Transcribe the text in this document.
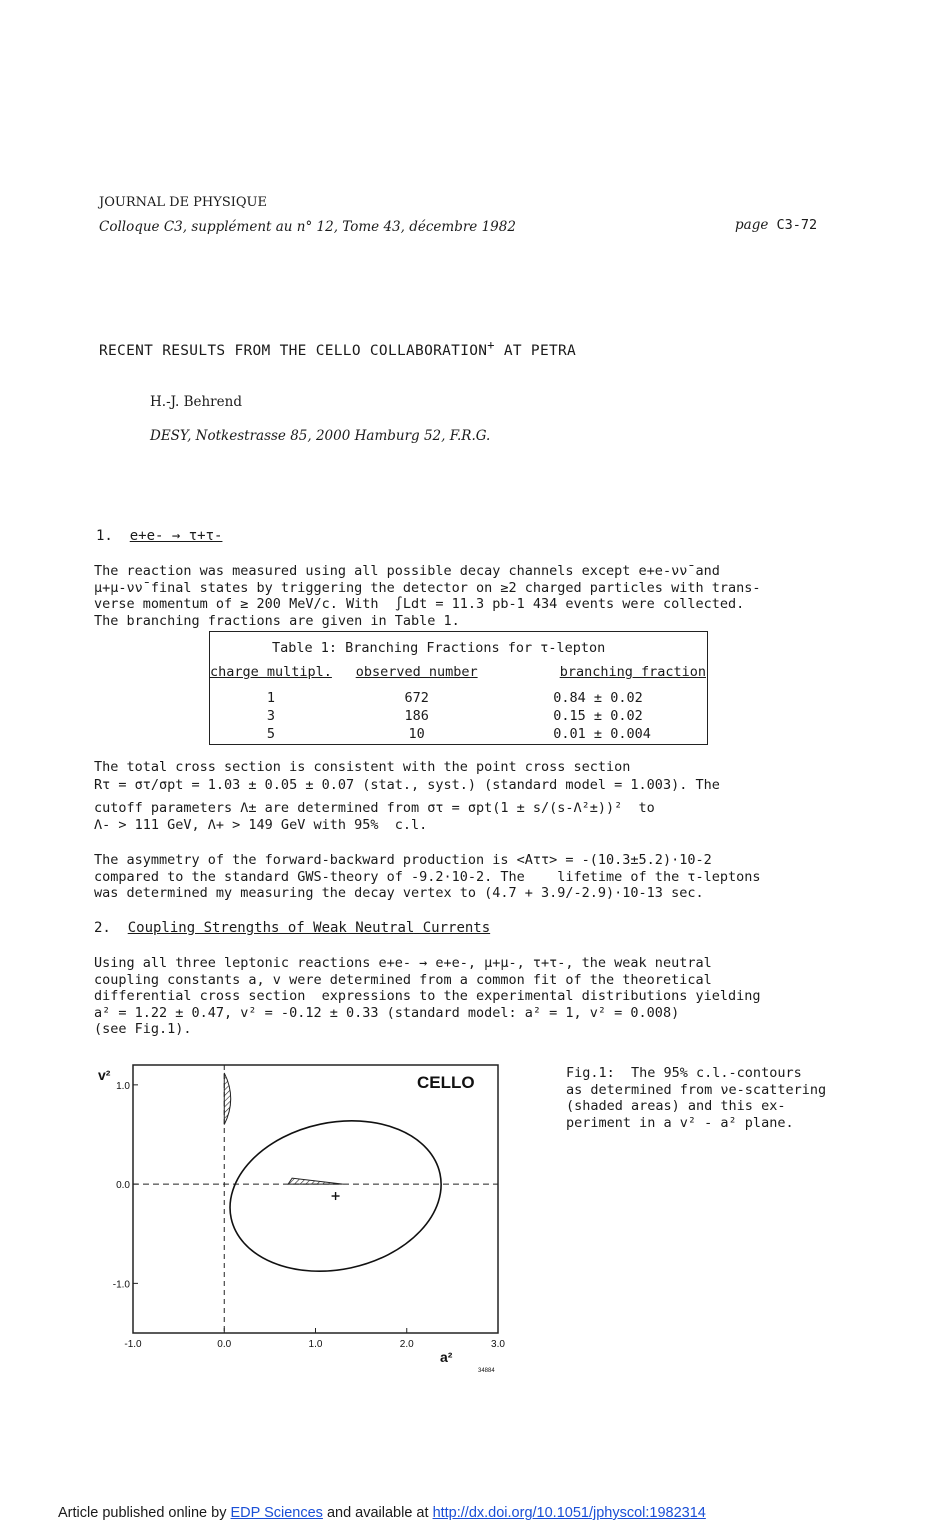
JOURNAL DE PHYSIQUE
Colloque C3, supplément au n° 12, Tome 43, décembre 1982	page C3-72
RECENT RESULTS FROM THE CELLO COLLABORATION+ AT PETRA
H.-J. Behrend
DESY, Notkestrasse 85, 2000 Hamburg 52, F.R.G.
1. e+e- → τ+τ-
The reaction was measured using all possible decay channels except e+e-νν̄ and
μ+μ-νν̄ final states by triggering the detector on ≥2 charged particles with trans-
verse momentum of ≥ 200 MeV/c. With  ∫Ldt = 11.3 pb-1 434 events were collected.
The branching fractions are given in Table 1.
Table 1: Branching Fractions for τ-lepton
charge multipl.	observed number	branching fraction
1	672	0.84 ± 0.02
3	186	0.15 ± 0.02
5	10	0.01 ± 0.004
The total cross section is consistent with the point cross section
Rτ = στ/σpt = 1.03 ± 0.05 ± 0.07 (stat., syst.) (standard model = 1.003). The
cutoff parameters Λ± are determined from στ = σpt(1 ± s/(s-Λ²±))²  to
Λ- > 111 GeV, Λ+ > 149 GeV with 95%  c.l.
The asymmetry of the forward-backward production is <Aττ> = -(10.3±5.2)·10-2
compared to the standard GWS-theory of -9.2·10-2. The    lifetime of the τ-leptons
was determined my measuring the decay vertex to (4.7 + 3.9/-2.9)·10-13 sec.
2. Coupling Strengths of Weak Neutral Currents
Using all three leptonic reactions e+e- → e+e-, μ+μ-, τ+τ-, the weak neutral
coupling constants a, v were determined from a common fit of the theoretical
differential cross section  expressions to the experimental distributions yielding
a² = 1.22 ± 0.47, v² = -0.12 ± 0.33 (standard model: a² = 1, v² = 0.008)
(see Fig.1).
-1.0	0.0	1.0	2.0	3.0
1.0
0.0
-1.0
CELLO
v²
a²
34884
Fig.1:  The 95% c.l.-contours
as determined from νe-scattering
(shaded areas) and this ex-
periment in a v² - a² plane.
Article published online by EDP Sciences and available at http://dx.doi.org/10.1051/jphyscol:1982314
